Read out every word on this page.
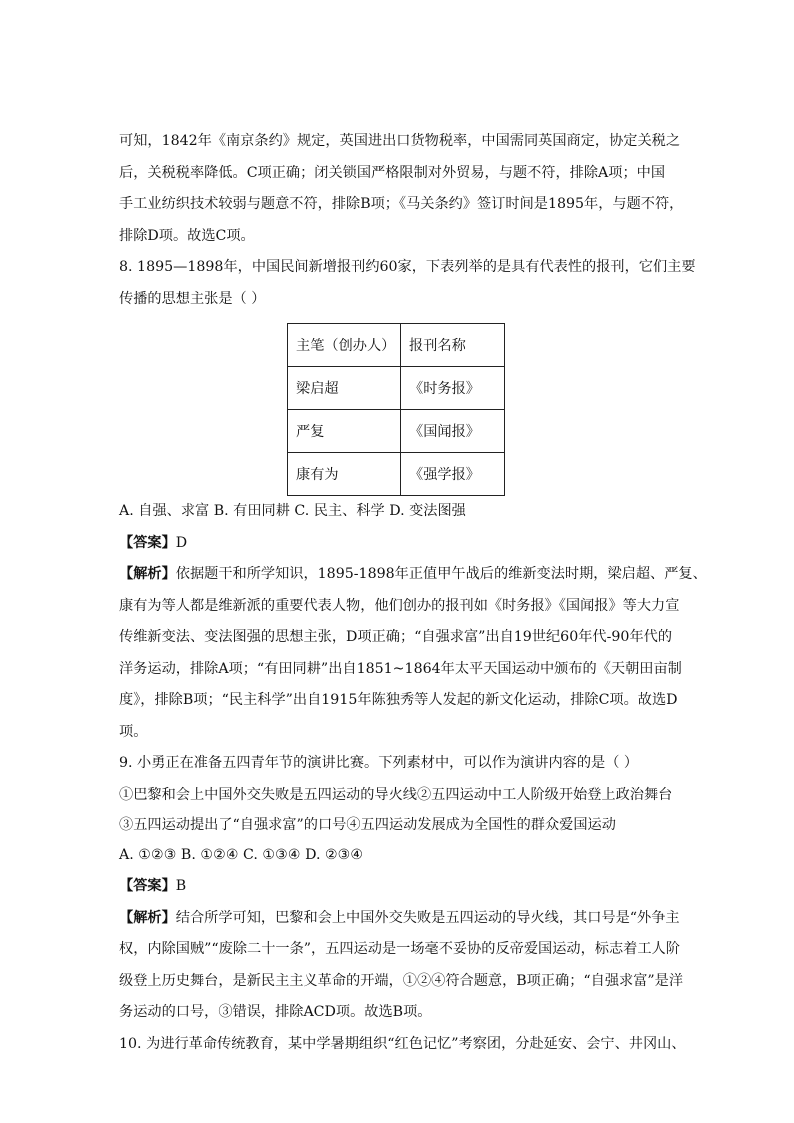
可知，1842年《南京条约》规定，英国进出口货物税率，中国需同英国商定，协定关税之
后，关税税率降低。C项正确；闭关锁国严格限制对外贸易，与题不符，排除A项；中国
手工业纺织技术较弱与题意不符，排除B项；《马关条约》签订时间是1895年，与题不符，
排除D项。故选C项。
8. 1895—1898年，中国民间新增报刊约60家，下表列举的是具有代表性的报刊，它们主要
传播的思想主张是（ ）
主笔（创办人）	报刊名称
梁启超	《时务报》
严复	《国闻报》
康有为	《强学报》
A. 自强、求富 B. 有田同耕 C. 民主、科学 D. 变法图强
【答案】D
【解析】依据题干和所学知识，1895-1898年正值甲午战后的维新变法时期，梁启超、严复、
康有为等人都是维新派的重要代表人物，他们创办的报刊如《时务报》《国闻报》等大力宣
传维新变法、变法图强的思想主张，D项正确；“自强求富”出自19世纪60年代-90年代的
洋务运动，排除A项；“有田同耕”出自1851~1864年太平天国运动中颁布的《天朝田亩制
度》，排除B项；“民主科学”出自1915年陈独秀等人发起的新文化运动，排除C项。故选D
项。
9. 小勇正在准备五四青年节的演讲比赛。下列素材中，可以作为演讲内容的是（ ）
①巴黎和会上中国外交失败是五四运动的导火线②五四运动中工人阶级开始登上政治舞台
③五四运动提出了“自强求富”的口号④五四运动发展成为全国性的群众爱国运动
A. ①②③ B. ①②④ C. ①③④ D. ②③④
【答案】B
【解析】结合所学可知，巴黎和会上中国外交失败是五四运动的导火线，其口号是“外争主
权，内除国贼”“废除二十一条”，五四运动是一场毫不妥协的反帝爱国运动，标志着工人阶
级登上历史舞台，是新民主主义革命的开端，①②④符合题意，B项正确；“自强求富”是洋
务运动的口号，③错误，排除ACD项。故选B项。
10. 为进行革命传统教育，某中学暑期组织“红色记忆”考察团，分赴延安、会宁、井冈山、
